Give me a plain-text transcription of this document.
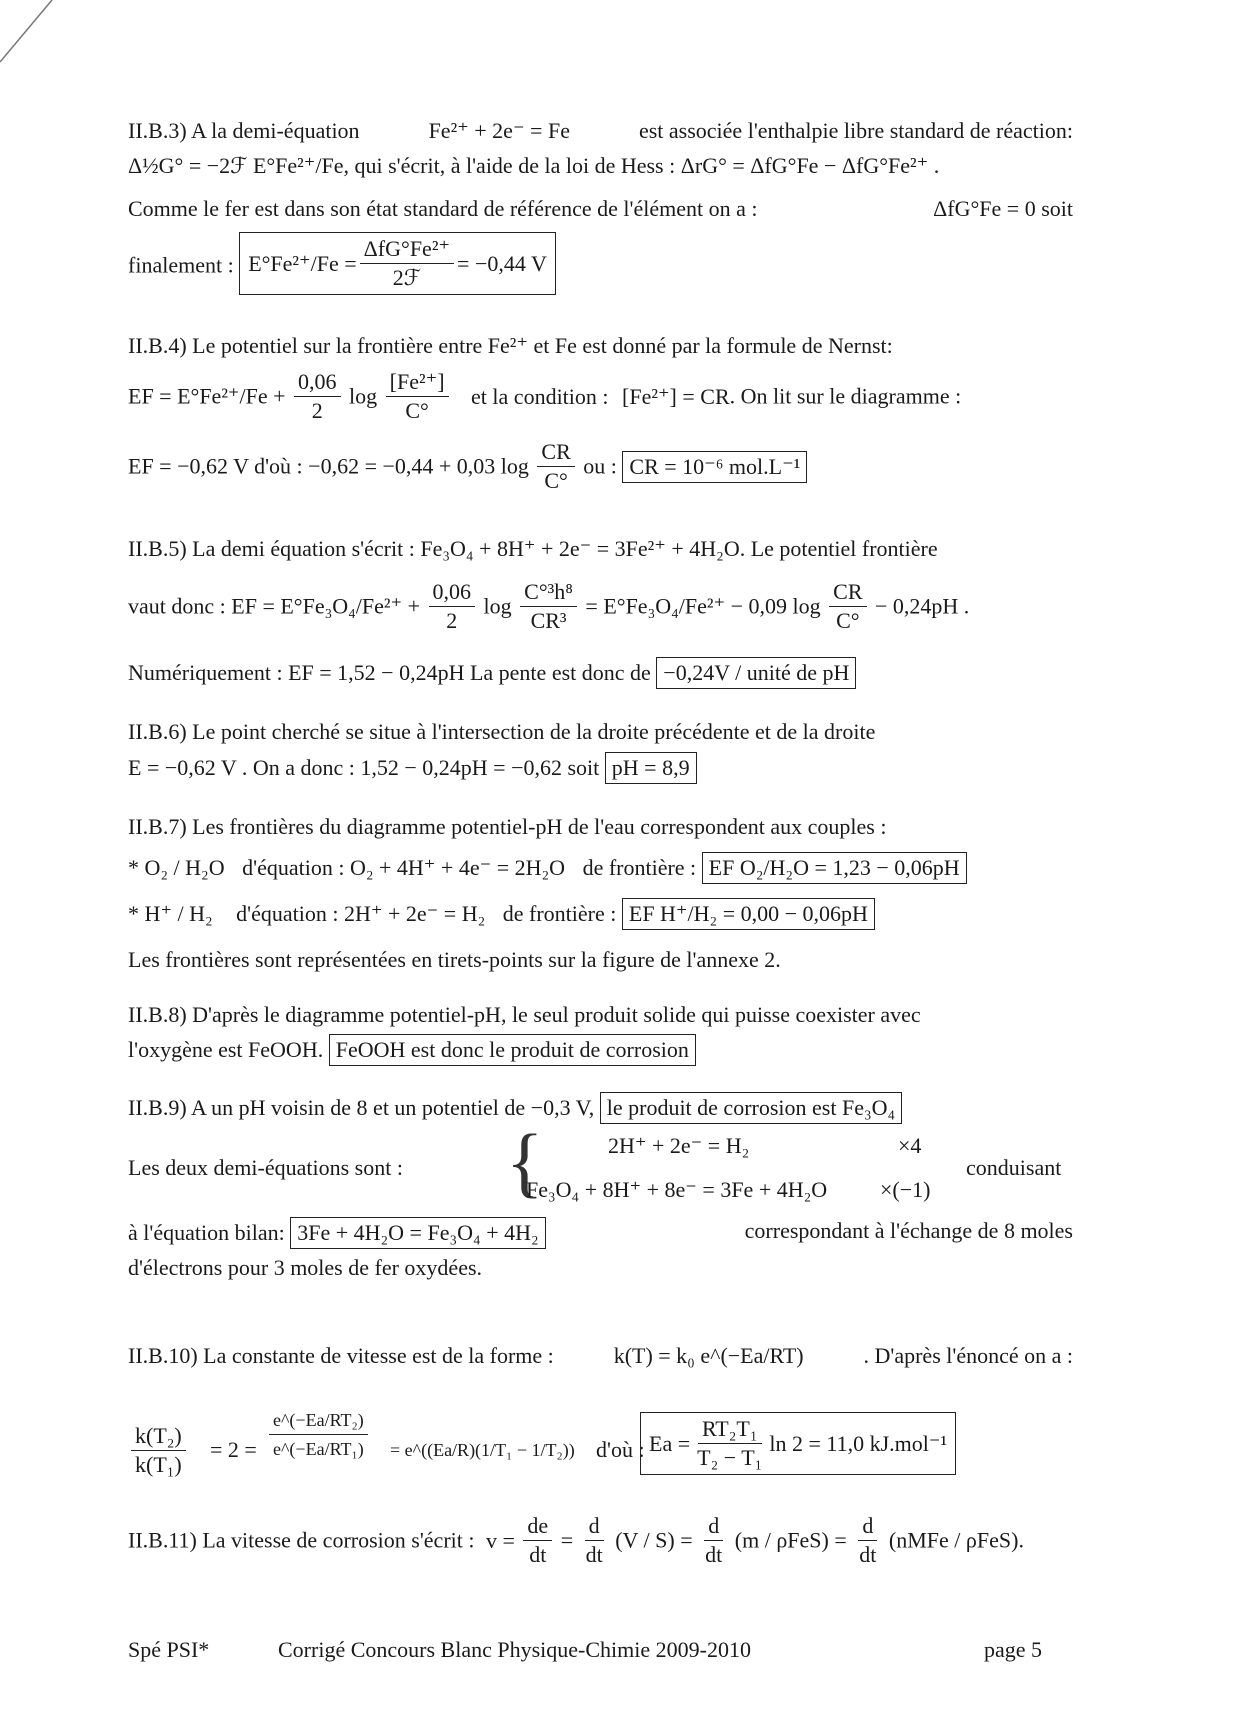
II.B.3) A la demi-équation	Fe²⁺ + 2e⁻ = Fe	est associée l'enthalpie libre standard de réaction:
Δ½G° = −2ℱ E°Fe²⁺/Fe, qui s'écrit, à l'aide de la loi de Hess : ΔrG° = ΔfG°Fe − ΔfG°Fe²⁺ .
Comme le fer est dans son état standard de référence de l'élément on a :	ΔfG°Fe = 0 soit
finalement : $E^\circ Fe^{2+}/Fe = \frac{\text{ΔfG°Fe²⁺}}{\text{2ℱ}} = -0,44$ V
II.B.4) Le potentiel sur la frontière entre Fe²⁺ et Fe est donné par la formule de Nernst:
EF = $E^\circ Fe^{2+}/Fe + \frac{0,06}{2}$ $\log \frac{\text{[Fe²⁺]}}{C^\circ}$ et la condition : [Fe²⁺] = CR. On lit sur le diagramme :
EF = −0,62 V d'où : −0,62 = −0,44 + 0,03 $\log \frac{CR}{C^\circ}$ ou : CR = 10⁻⁶ mol.L⁻¹
II.B.5) La demi équation s'écrit : Fe₃O₄ + 8H⁺ + 2e⁻ = 3Fe²⁺ + 4H₂O. Le potentiel frontière
vaut donc : EF = $E^\circ Fe_3O_4/Fe^{2+} + \frac{0,06}{2}$ $\log \frac{\text{C°³h⁸}}{\text{CR³}} = E^\circ Fe_3O_4/Fe^{2+} - 0,09$ $\log \frac{CR}{C^\circ} - 0,24pH$ .
Numériquement : EF = 1,52 − 0,24pH La pente est donc de −0,24V / unité de pH
II.B.6) Le point cherché se situe à l'intersection de la droite précédente et de la droite
E = −0,62 V . On a donc : 1,52 − 0,24pH = −0,62 soit pH = 8,9
II.B.7) Les frontières du diagramme potentiel-pH de l'eau correspondent aux couples :
* O₂ / H₂O d'équation : O₂ + 4H⁺ + 4e⁻ = 2H₂O de frontière : EF O₂/H₂O = 1,23 − 0,06pH
* H⁺ / H₂ d'équation : 2H⁺ + 2e⁻ = H₂ de frontière : EF H⁺/H₂ = 0,00 − 0,06pH
Les frontières sont représentées en tirets-points sur la figure de l'annexe 2.
II.B.8) D'après le diagramme potentiel-pH, le seul produit solide qui puisse coexister avec
l'oxygène est FeOOH. FeOOH est donc le produit de corrosion
II.B.9) A un pH voisin de 8 et un potentiel de −0,3 V, le produit de corrosion est Fe₃O₄
Les deux demi-équations sont : {	2H⁺ + 2e⁻ = H₂	×4
Fe₃O₄ + 8H⁺ + 8e⁻ = 3Fe + 4H₂O ×(−1)
conduisant
à l'équation bilan: 3Fe + 4H₂O = Fe₃O₄ + 4H₂	correspondant à l'échange de 8 moles
d'électrons pour 3 moles de fer oxydées.
II.B.10) La constante de vitesse est de la forme :	k(T) = k₀ e^(−Ea/RT)	. D'après l'énoncé on a :
$\frac{\text{k(T₂)}}{\text{k(T₁)}} = 2 = \frac{\text{e\textasciicircum{}(−Ea/RT₂)}}{\text{e\textasciicircum{}(−Ea/RT₁)}}$ = e^((Ea/R)(1/T₁ − 1/T₂)) d'où : $Ea = \frac{\text{RT₂T₁}}{\text{T₂ − T₁}}$ ln 2 = 11,0 kJ.mol⁻¹
II.B.11) La vitesse de corrosion s'écrit : $v = \frac{de}{dt} = \frac{d}{dt} (V / S) = \frac{d}{dt} (m / \rho FeS) = \frac{d}{dt}$ (nMFe / ρFeS).
Spé PSI*	Corrigé Concours Blanc Physique-Chimie 2009-2010	page 5
